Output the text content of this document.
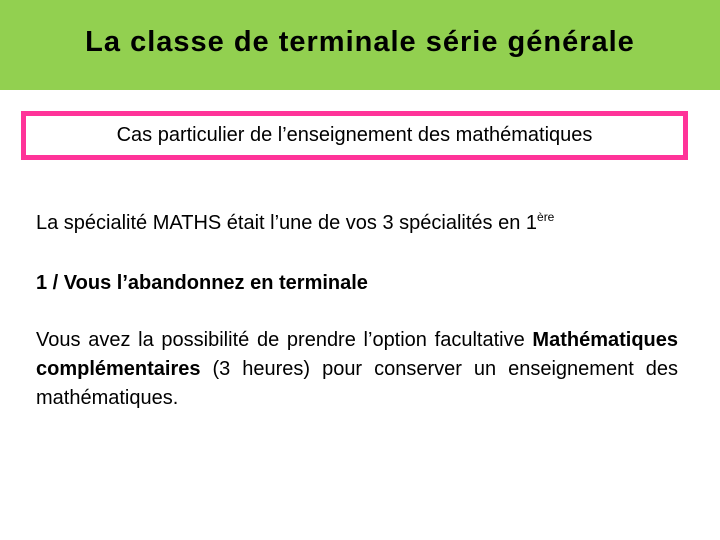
La classe de terminale série générale
Cas particulier de l’enseignement des mathématiques
La spécialité MATHS était l’une de vos 3 spécialités en 1ère
1 / Vous l’abandonnez en terminale
Vous avez la possibilité de prendre l’option facultative Mathématiques complémentaires (3 heures) pour conserver un enseignement des mathématiques.
